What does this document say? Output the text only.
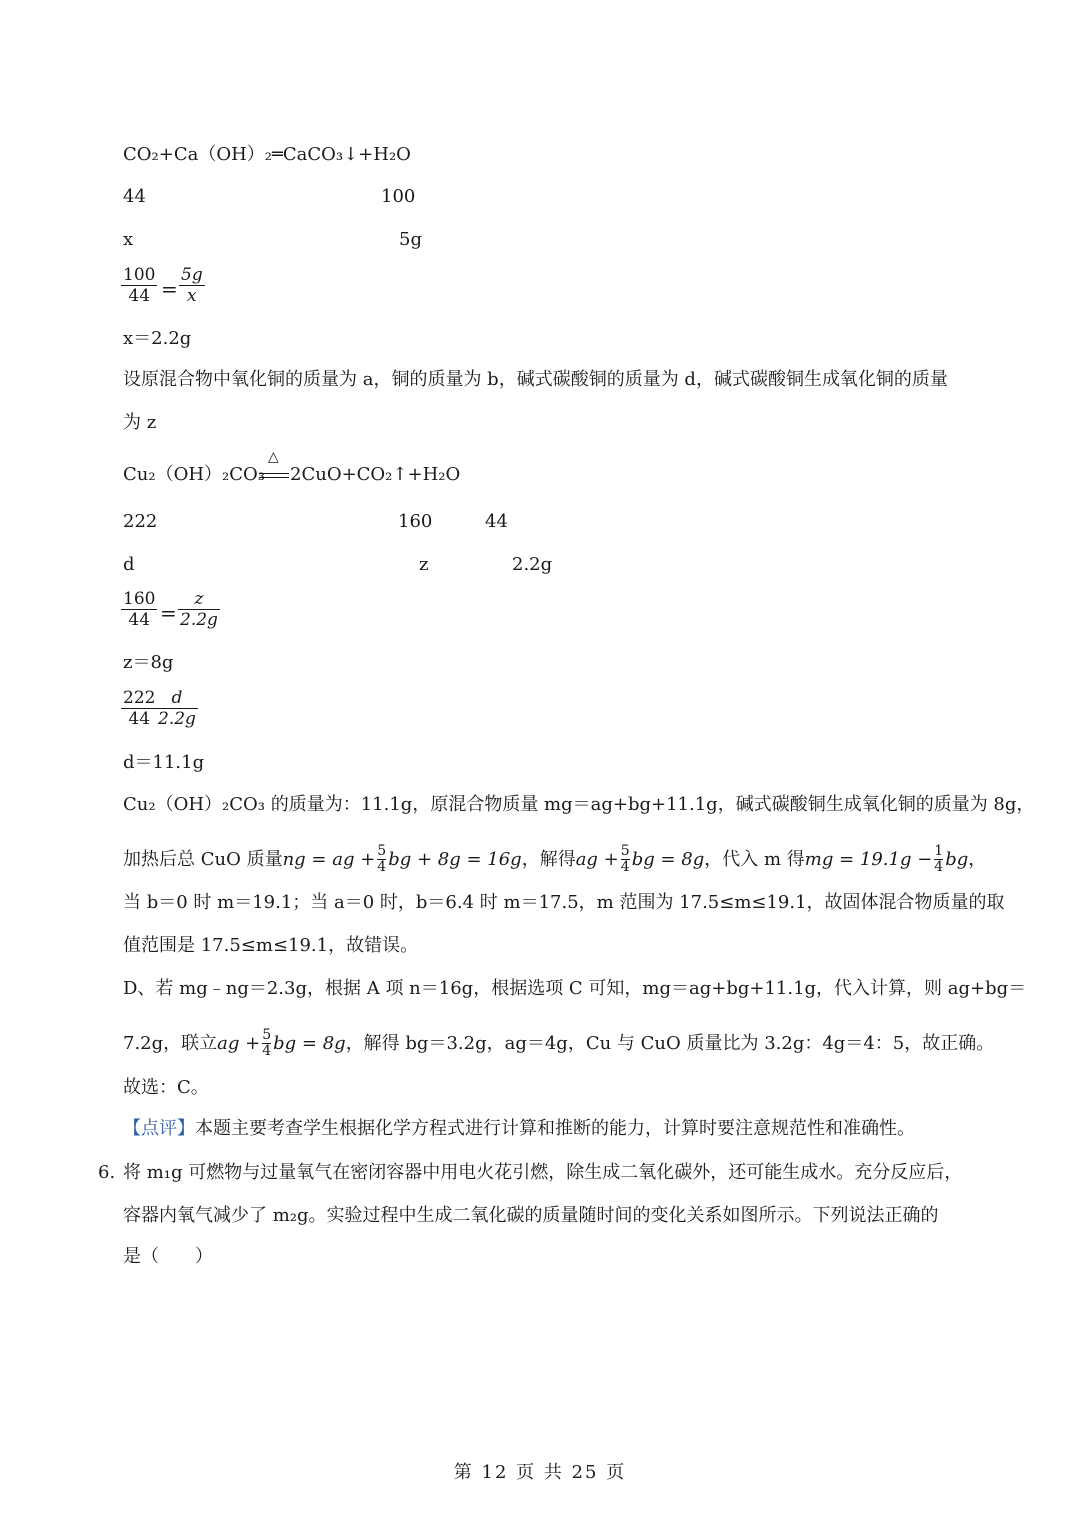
CO₂+Ca（OH）₂═CaCO₃↓+H₂O
44	100
x	5g
100
44 =
5g
x
x＝2.2g
设原混合物中氧化铜的质量为 a，铜的质量为 b，碱式碳酸铜的质量为 d，碱式碳酸铜生成氧化铜的质量
为 z
Cu₂（OH）₂CO₃
△
2CuO+CO₂↑+H₂O
222	160	44
d	z	2.2g
160
44 =
z
2.2g
z＝8g
222
44
d
2.2g
d＝11.1g
Cu₂（OH）₂CO₃ 的质量为：11.1g，原混合物质量 mg＝ag+bg+11.1g，碱式碳酸铜生成氧化铜的质量为 8g，
加热后总 CuO 质量 ng = ag + $\frac{5}{4}$ bg + 8g = 16g ，解得 ag + $\frac{5}{4}$ bg = 8g ，代入 m 得 mg = $19.1g - \frac{1}{4}$ bg ，
当 b＝0 时 m＝19.1；当 a＝0 时，b＝6.4 时 m＝17.5，m 范围为 17.5≤m≤19.1，故固体混合物质量的取
值范围是 17.5≤m≤19.1，故错误。
D、若 mg﹣ng＝2.3g，根据 A 项 n＝16g，根据选项 C 可知，mg＝ag+bg+11.1g，代入计算，则 ag+bg＝
7.2g，联立 ag + $\frac{5}{4}$ bg = 8g ，解得 bg＝3.2g，ag＝4g，Cu 与 CuO 质量比为 3.2g：4g＝4：5，故正确。
故选：C。
【点评】本题主要考查学生根据化学方程式进行计算和推断的能力，计算时要注意规范性和准确性。
6. 将 m₁g 可燃物与过量氧气在密闭容器中用电火花引燃，除生成二氧化碳外，还可能生成水。充分反应后，
容器内氧气减少了 m₂g。实验过程中生成二氧化碳的质量随时间的变化关系如图所示。下列说法正确的
是（　　）
第 12 页 共 25 页
